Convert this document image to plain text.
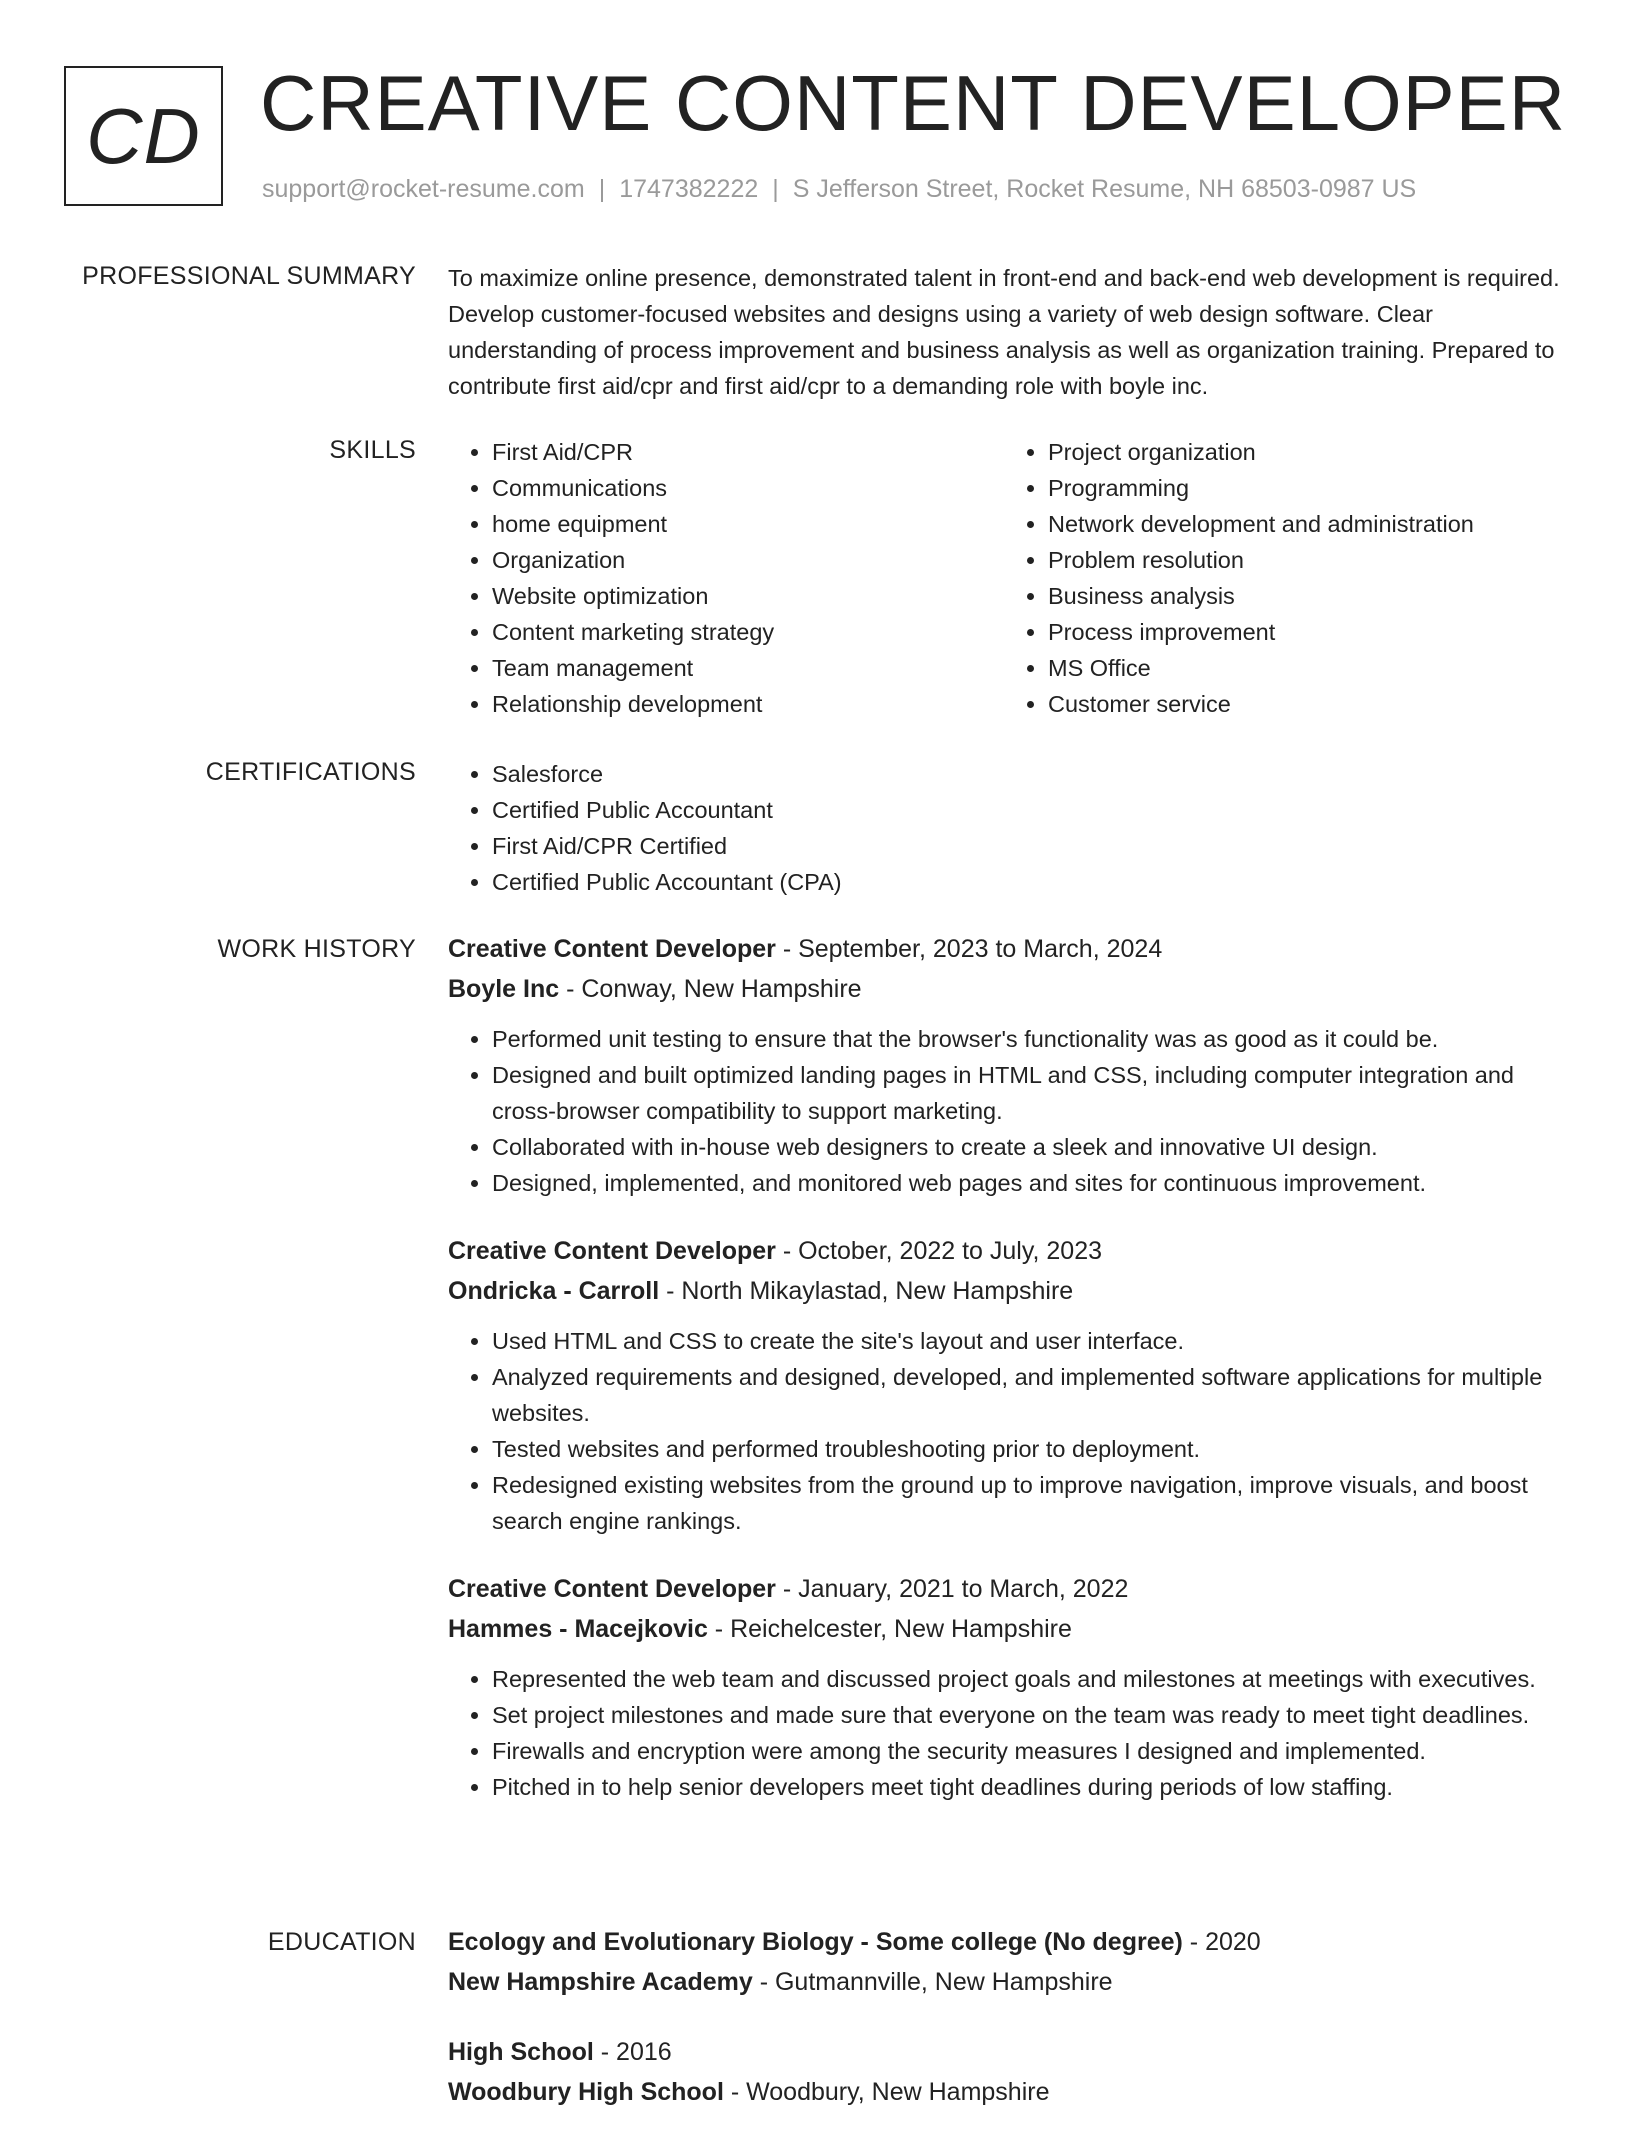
CD CREATIVE CONTENT DEVELOPER
support@rocket-resume.com | 1747382222 | S Jefferson Street, Rocket Resume, NH 68503-0987 US
PROFESSIONAL SUMMARY To maximize online presence, demonstrated talent in front-end and back-end web development is required. Develop customer-focused websites and designs using a variety of web design software. Clear understanding of process improvement and business analysis as well as organization training. Prepared to contribute first aid/cpr and first aid/cpr to a demanding role with boyle inc.

SKILLS	• First Aid/CPR
• Communications
• home equipment
• Organization
• Website optimization
• Content marketing strategy
• Team management
• Relationship development
• Project organization
• Programming
• Network development and administration
• Problem resolution
• Business analysis
• Process improvement
• MS Office
• Customer service
CERTIFICATIONS	• Salesforce
• Certified Public Accountant
• First Aid/CPR Certified
• Certified Public Accountant (CPA)
WORK HISTORY Creative Content Developer - September, 2023 to March, 2024
Boyle Inc - Conway, New Hampshire
• Performed unit testing to ensure that the browser's functionality was as good as it could be.
• Designed and built optimized landing pages in HTML and CSS, including computer integration and cross-browser compatibility to support marketing.
• Collaborated with in-house web designers to create a sleek and innovative UI design.
• Designed, implemented, and monitored web pages and sites for continuous improvement.
Creative Content Developer - October, 2022 to July, 2023
Ondricka - Carroll - North Mikaylastad, New Hampshire
• Used HTML and CSS to create the site's layout and user interface.
• Analyzed requirements and designed, developed, and implemented software applications for multiple websites.
• Tested websites and performed troubleshooting prior to deployment.
• Redesigned existing websites from the ground up to improve navigation, improve visuals, and boost search engine rankings.
Creative Content Developer - January, 2021 to March, 2022
Hammes - Macejkovic - Reichelcester, New Hampshire
• Represented the web team and discussed project goals and milestones at meetings with executives.
• Set project milestones and made sure that everyone on the team was ready to meet tight deadlines.
• Firewalls and encryption were among the security measures I designed and implemented.
• Pitched in to help senior developers meet tight deadlines during periods of low staffing.
EDUCATION Ecology and Evolutionary Biology - Some college (No degree) - 2020
New Hampshire Academy - Gutmannville, New Hampshire
High School - 2016
Woodbury High School - Woodbury, New Hampshire
